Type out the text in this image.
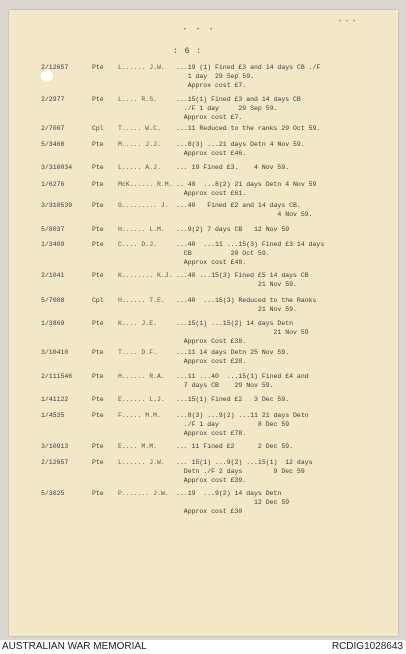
• • •
• • •
: 6 :
2/12657	Pte L...... J.W. ...19 (1) Fined £3 and 14 days CB ./F
1 day  29 Sep 59.
Approx cost £7.
2/2977	Pte L.... R.S.	...15(1) Fined £3 and 14 days CB
./F 1 day     29 Sep 59.
Approx cost £7.
2/7007	Cpl T..... W.C. ...11 Reduced to the ranks 29 Oct 59.
5/3468	Pte M..... J.J. ...8(3) ...21 days Detn 4 Nov 59.
Approx cost £46.
3/310034	Pte L..... A.J. ... 19 Fined £3.    4 Nov 59.
1/6276	Pte McK...... R.M. .. 40  ...8(2) 21 days Detn 4 Nov 59
Approx cost £61.
3/310539	Pte G......... J. ...40   Fined £2 and 14 days CB.
4 Nov 59.
5/8037	Pte H...... L.M. ...9(2) 7 days CB   12 Nov 59
1/3409	Pte C.... D.J.	...40  ...11 ...15(3) Fined £3 14 days
CB          20 Oct 59.
Approx cost £48.
2/1041	Pte K........ K.J. ...40 ...15(3) Fined £5 14 days CB
21 Nov 59.
5/7008	Cpl H...... T.E. ...40  ...15(3) Reduced to the Ranks
21 Nov 59.
1/3869	Pte K.... J.E.	...15(1) ...15(2) 14 days Detn
21 Nov 59
Approx Cost £38.
3/10410	Pte T.... D.F.	...11 14 days Detn 25 Nov 59.
Approx cost £28.
2/111546	Pte H...... R.A. ...11 ...40  ...15(1) Fined £4 and
7 days CB    29 Nov 59.
1/41122	Pte E...... L.J. ...15(1) Fined £2   3 Dec 59.
1/4535	Pte F..... M.M. ...8(3) ...9(2) ...11 21 days Detn
./F 1 day          8 Dec 59
Approx cost £78.
3/10913	Pte E.... M.M.	... 11 Fined £2      2 Dec 59.
2/12657	Pte L...... J.W. ... 15(1) ...9(2) ...15(1)  12 days
Detn ./F 2 days        9 Dec 59
Approx cost £39.
5/3625	Pte P....... J.W. ...19  ...9(2) 14 days Detn
12 Dec 59
Approx cost £30
AUSTRALIAN WAR MEMORIAL	RCDIG1028643
